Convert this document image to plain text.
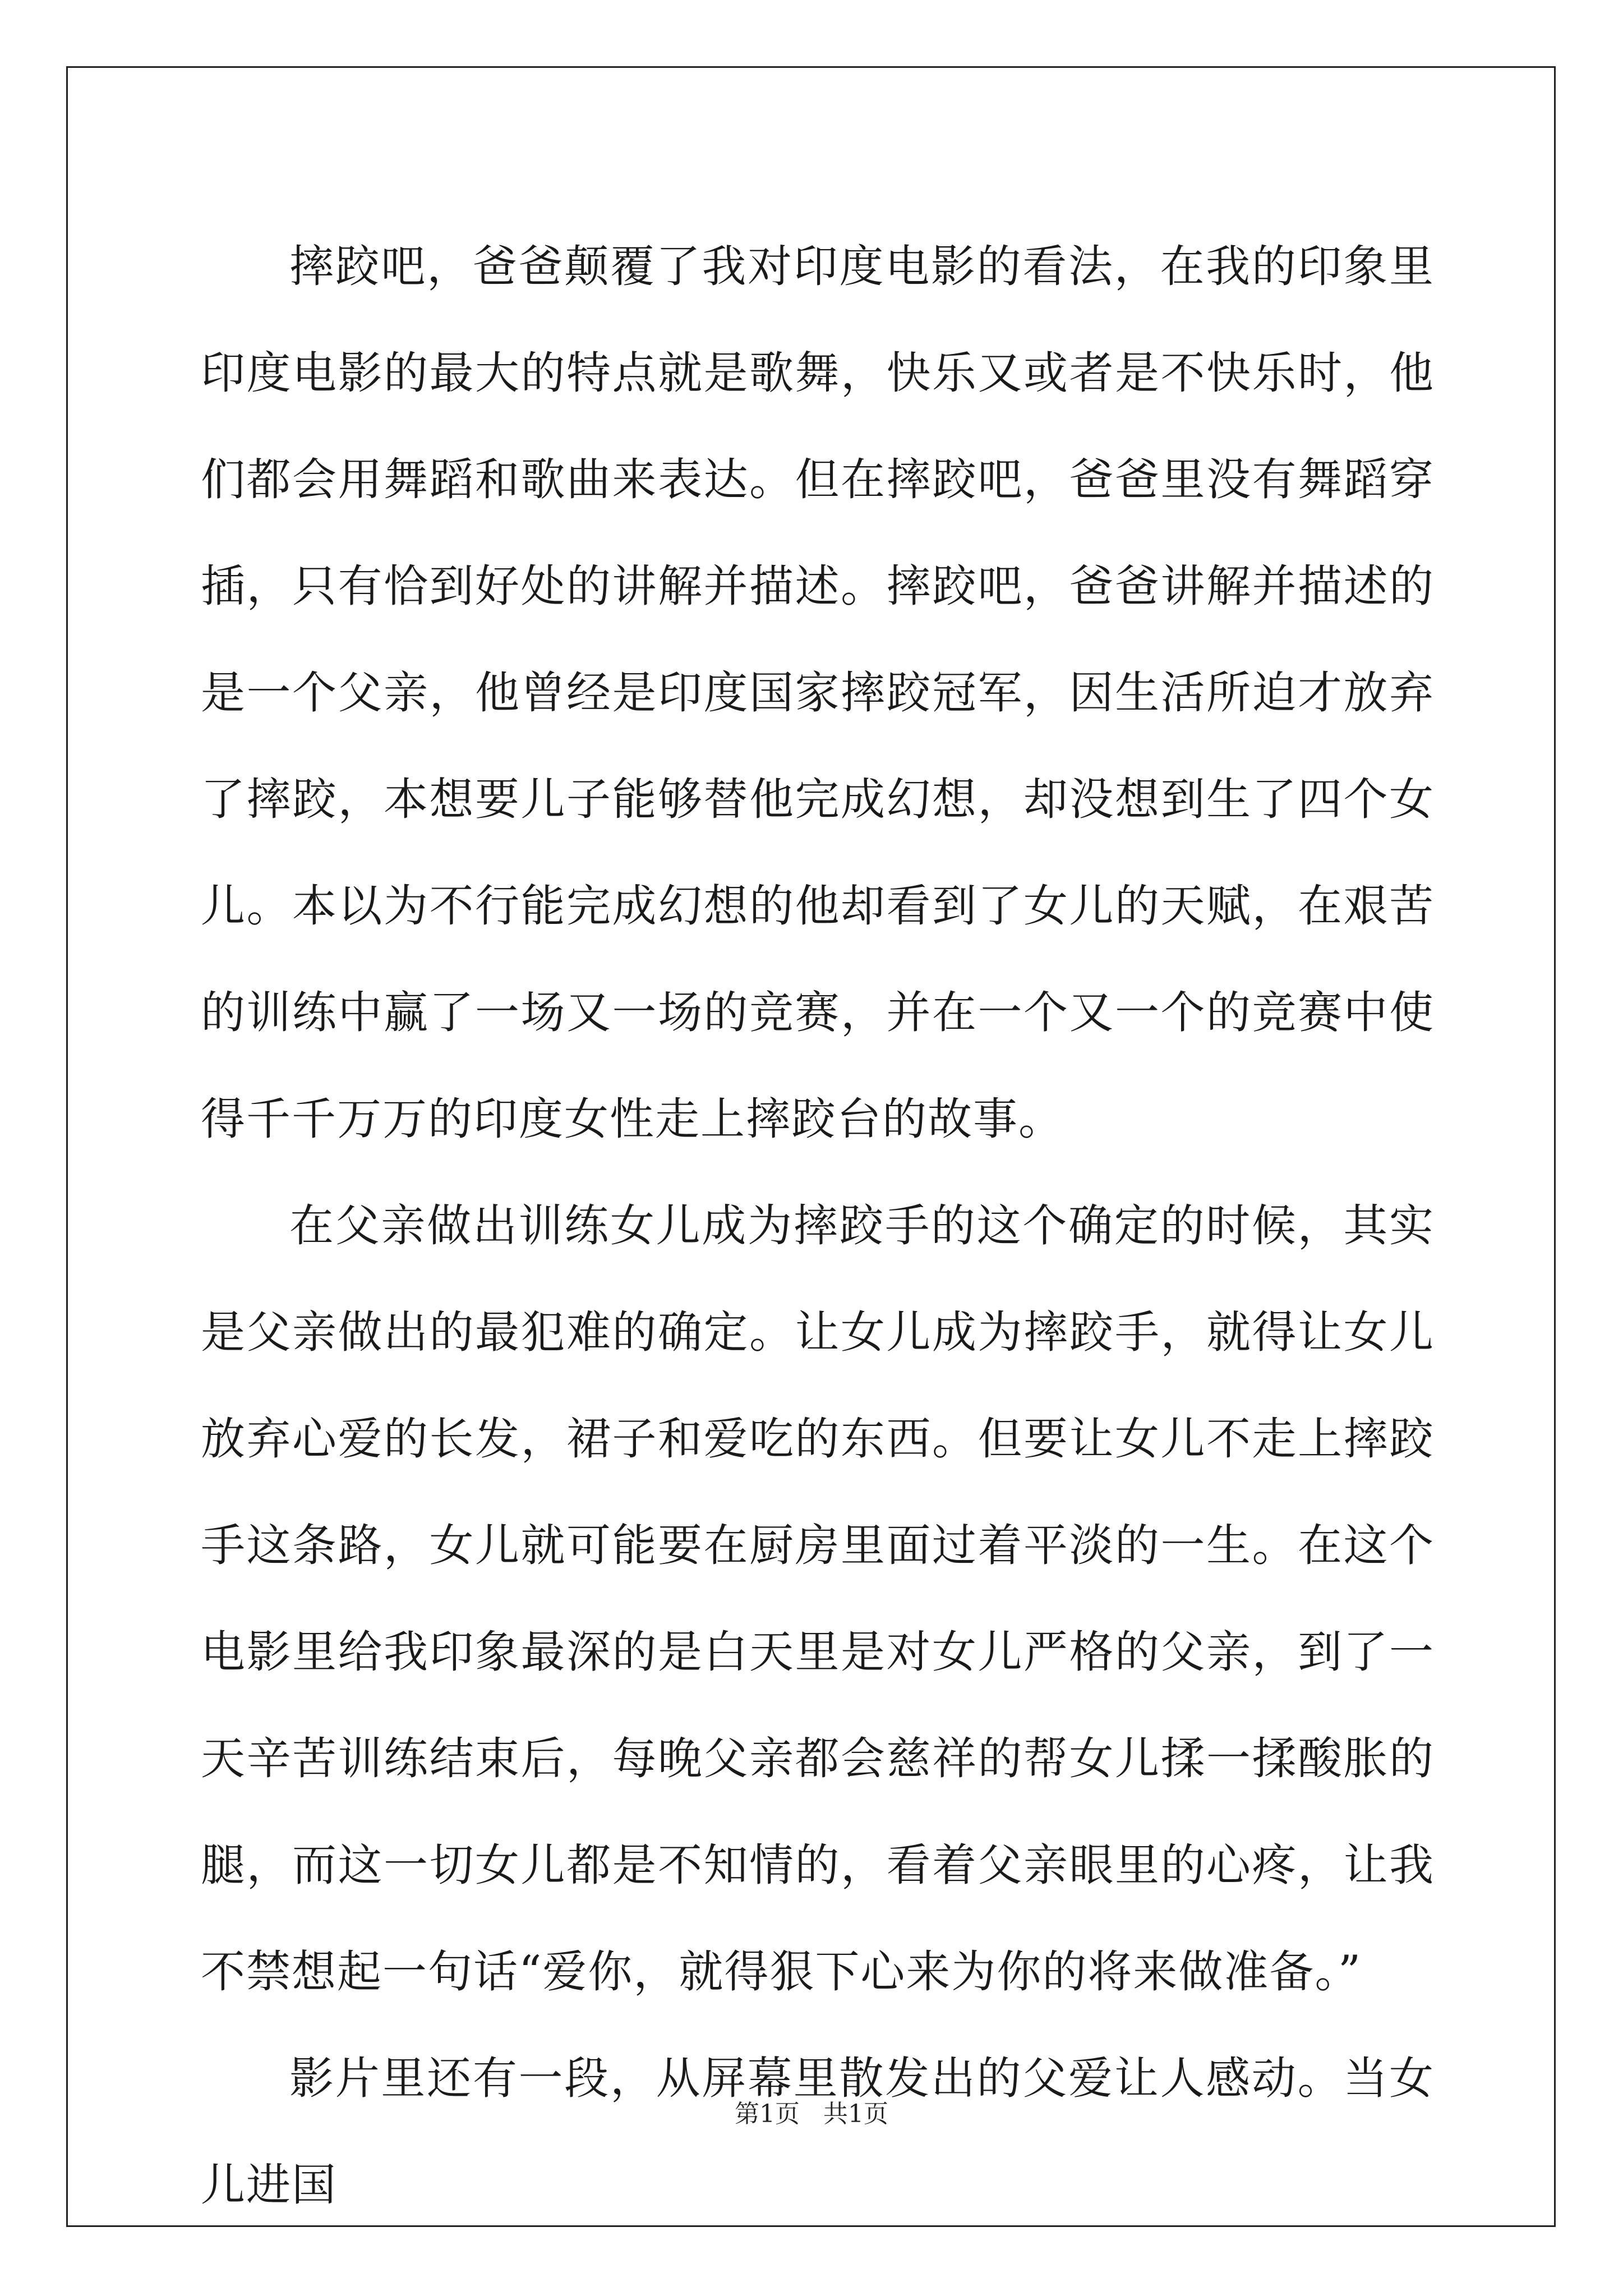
摔跤吧，爸爸颠覆了我对印度电影的看法，在我的印象里印度电影的最大的特点就是歌舞，快乐又或者是不快乐时，他们都会用舞蹈和歌曲来表达。但在摔跤吧，爸爸里没有舞蹈穿插，只有恰到好处的讲解并描述。摔跤吧，爸爸讲解并描述的是一个父亲，他曾经是印度国家摔跤冠军，因生活所迫才放弃了摔跤，本想要儿子能够替他完成幻想，却没想到生了四个女儿。本以为不行能完成幻想的他却看到了女儿的天赋，在艰苦的训练中赢了一场又一场的竞赛，并在一个又一个的竞赛中使得千千万万的印度女性走上摔跤台的故事。

在父亲做出训练女儿成为摔跤手的这个确定的时候，其实是父亲做出的最犯难的确定。让女儿成为摔跤手，就得让女儿放弃心爱的长发，裙子和爱吃的东西。但要让女儿不走上摔跤手这条路，女儿就可能要在厨房里面过着平淡的一生。在这个电影里给我印象最深的是白天里是对女儿严格的父亲，到了一天辛苦训练结束后，每晚父亲都会慈祥的帮女儿揉一揉酸胀的腿，而这一切女儿都是不知情的，看着父亲眼里的心疼，让我不禁想起一句话“爱你，就得狠下心来为你的将来做准备。”

影片里还有一段，从屏幕里散发出的父爱让人感动。当女儿进国

第1页   共1页
